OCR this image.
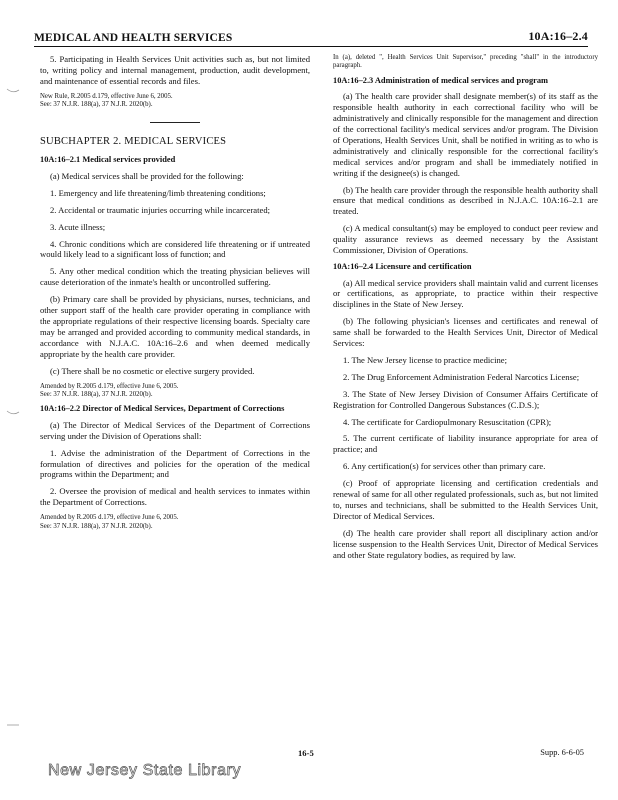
MEDICAL AND HEALTH SERVICES	10A:16–2.4

5. Participating in Health Services Unit activities such as, but not limited to, writing policy and internal management, production, audit development, and maintenance of essential records and files.

New Rule, R.2005 d.179, effective June 6, 2005.
See: 37 N.J.R. 188(a), 37 N.J.R. 2020(b).

SUBCHAPTER 2. MEDICAL SERVICES
10A:16–2.1 Medical services provided

(a) Medical services shall be provided for the following:

1. Emergency and life threatening/limb threatening conditions;

2. Accidental or traumatic injuries occurring while incarcerated;

3. Acute illness;

4. Chronic conditions which are considered life threatening or if untreated would likely lead to a significant loss of function; and

5. Any other medical condition which the treating physician believes will cause deterioration of the inmate's health or uncontrolled suffering.

(b) Primary care shall be provided by physicians, nurses, technicians, and other support staff of the health care provider operating in compliance with the appropriate regulations of their respective licensing boards. Specialty care may be arranged and provided according to community medical standards, in accordance with N.J.A.C. 10A:16–2.6 and when deemed medically appropriate by the health care provider.

(c) There shall be no cosmetic or elective surgery provided.

Amended by R.2005 d.179, effective June 6, 2005.
See: 37 N.J.R. 188(a), 37 N.J.R. 2020(b).

10A:16–2.2 Director of Medical Services, Department of Corrections

(a) The Director of Medical Services of the Department of Corrections serving under the Division of Operations shall:

1. Advise the administration of the Department of Corrections in the formulation of directives and policies for the operation of the medical programs within the Department; and

2. Oversee the provision of medical and health services to inmates within the Department of Corrections.

Amended by R.2005 d.179, effective June 6, 2005.
See: 37 N.J.R. 188(a), 37 N.J.R. 2020(b).

In (a), deleted ", Health Services Unit Supervisor," preceding "shall" in the introductory paragraph.

10A:16–2.3 Administration of medical services and program

(a) The health care provider shall designate member(s) of its staff as the responsible health authority in each correctional facility who will be administratively and clinically responsible for the management and direction of the correctional facility's medical services and/or program. The Division of Operations, Health Services Unit, shall be notified in writing as to who is administratively and clinically responsible for the correctional facility's medical services and/or program and shall be immediately notified in writing if the designee(s) is changed.

(b) The health care provider through the responsible health authority shall ensure that medical conditions as described in N.J.A.C. 10A:16–2.1 are treated.

(c) A medical consultant(s) may be employed to conduct peer review and quality assurance reviews as deemed necessary by the Assistant Commissioner, Division of Operations.

10A:16–2.4 Licensure and certification

(a) All medical service providers shall maintain valid and current licenses or certifications, as appropriate, to practice within their respective disciplines in the State of New Jersey.

(b) The following physician's licenses and certificates and renewal of same shall be forwarded to the Health Services Unit, Director of Medical Services:

1. The New Jersey license to practice medicine;

2. The Drug Enforcement Administration Federal Narcotics License;

3. The State of New Jersey Division of Consumer Affairs Certificate of Registration for Controlled Dangerous Substances (C.D.S.);

4. The certificate for Cardiopulmonary Resuscitation (CPR);

5. The current certificate of liability insurance appropriate for area of practice; and

6. Any certification(s) for services other than primary care.

(c) Proof of appropriate licensing and certification credentials and renewal of same for all other regulated professionals, such as, but not limited to, nurses and technicians, shall be submitted to the Health Services Unit, Director of Medical Services.

(d) The health care provider shall report all disciplinary action and/or license suspension to the Health Services Unit, Director of Medical Services and other State regulatory bodies, as required by law.

16-5	Supp. 6-6-05
New Jersey State Library
